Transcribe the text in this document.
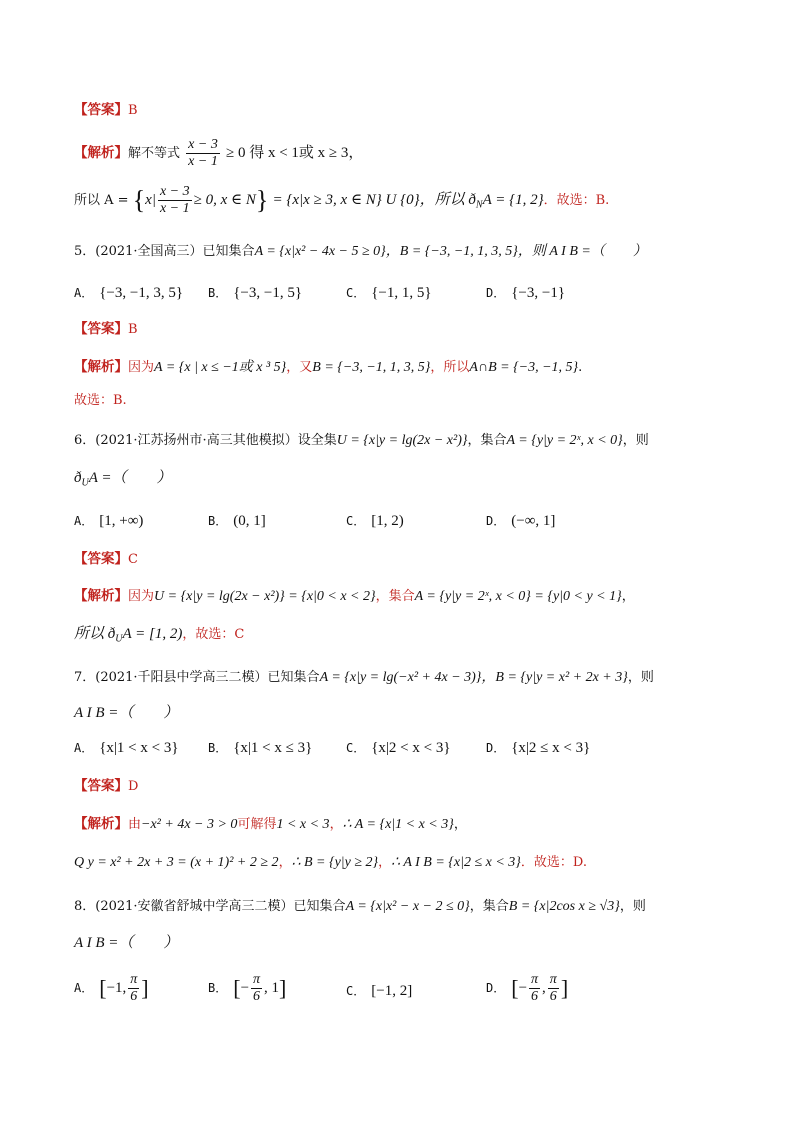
【答案】B
【解析】解不等式 $\frac{x - 3}{x - 1} \ge 0$ 得 x < 1或 x ≥ 3，
所以 $A = \{x| \frac{x - 3}{x - 1} \ge 0$, x ∈ N} = {x|x ≥ 3, x ∈ N} U {0}，所以 $ð_NA = \{1$, 2}．故选：B.
5．(2021·全国高三）已知集合A = {x|x² − 4x − 5 ≥ 0}，B = {−3, −1, 1, 3, 5}，则 A I B =（　　）
A． {−3, −1, 3, 5} B． {−3, −1, 5}	C． {−1, 1, 5}	D． {−3, −1}
【答案】B
【解析】因为A = {x | x ≤ −1或 x ³ 5}，又B = {−3, −1, 1, 3, 5}，所以A∩B = {−3, −1, 5}.
故选：B.
6．(2021·江苏扬州市·高三其他模拟）设全集U = {x|y = lg(2x − x²)}，集合A = {y|y = 2ˣ, x < 0}，则
$ð_UA$ =（　　）
A． [1, +∞)	B． (0, 1]	C． [1, 2)	D． (−∞, 1]
【答案】C
【解析】因为U = {x|y = lg(2x − x²)} = {x|0 < x < 2}，集合A = {y|y = 2ˣ, x < 0} = {y|0 < y < 1}，
所以 $ð_UA = [1$, 2)，故选：C
7．(2021·千阳县中学高三二模）已知集合A = {x|y = lg(−x² + 4x − 3)}，B = {y|y = x² + 2x + 3}，则
A I B =（　　）
A． {x|1 < x < 3} B． {x|1 < x ≤ 3}	C． {x|2 < x < 3}	D． {x|2 ≤ x < 3}
【答案】D
【解析】由−x² + 4x − 3 > 0可解得1 < x < 3，∴ A = {x|1 < x < 3}，
Q y = x² + 2x + 3 = (x + 1)² + 2 ≥ 2，∴ B = {y|y ≥ 2}，∴ A I B = {x|2 ≤ x < 3}．故选：D.
8．(2021·安徽省舒城中学高三二模）已知集合A = {x|x² − x − 2 ≤ 0}，集合B = {x|2cos x ≥ √3}，则
A I B =（　　）
A． [−1, $\frac{\pi}{6}$ ]	B． [− $\frac{\pi}{6}$ , 1]	C． [−1, 2]	D． [− $\frac{\pi}{6}$ , $\frac{\pi}{6}$ ]
